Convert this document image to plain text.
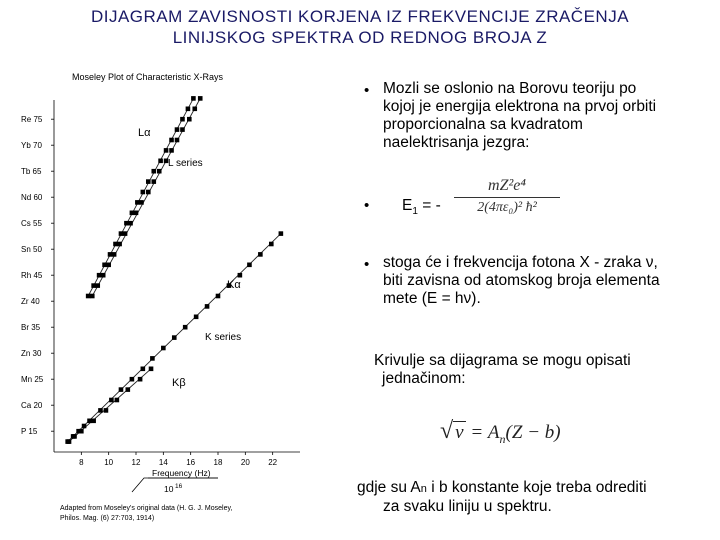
DIJAGRAM ZAVISNOSTI KORJENA IZ FREKVENCIJE ZRAČENJA
LINIJSKOG SPEKTRA OD REDNOG BROJA Z
Moseley Plot of Characteristic X-Rays
P 15
Ca 20
Mn 25
Zn 30
Br 35
Zr 40
Rh 45
Sn 50
Cs 55
Nd 60
Tb 65
Yb 70
Re 75
8	10 12 14 16 18 20 22
Lα
L series
Kα
K series
Kβ
Frequency (Hz)
10 16
Adapted from Moseley's original data (H. G. J. Moseley,
Philos. Mag. (6) 27:703, 1914)
• Mozli se oslonio na Borovu teoriju po
kojoj je energija elektrona na prvoj orbiti
proporcionalna sa kvadratom
naelektrisanja jezgra:
• $E_1$ = -
mZ²e⁴
2(4πε₀)² ħ²
• stoga će i frekvencija fotona X - zraka ν,
biti zavisna od atomskog broja elementa
mete (E = hν).
Krivulje sa dijagrama se mogu opisati
jednačinom:
√ $\nu = A_n(Z - b)$
gdje su An i b konstante koje treba odrediti
za svaku liniju u spektru.
